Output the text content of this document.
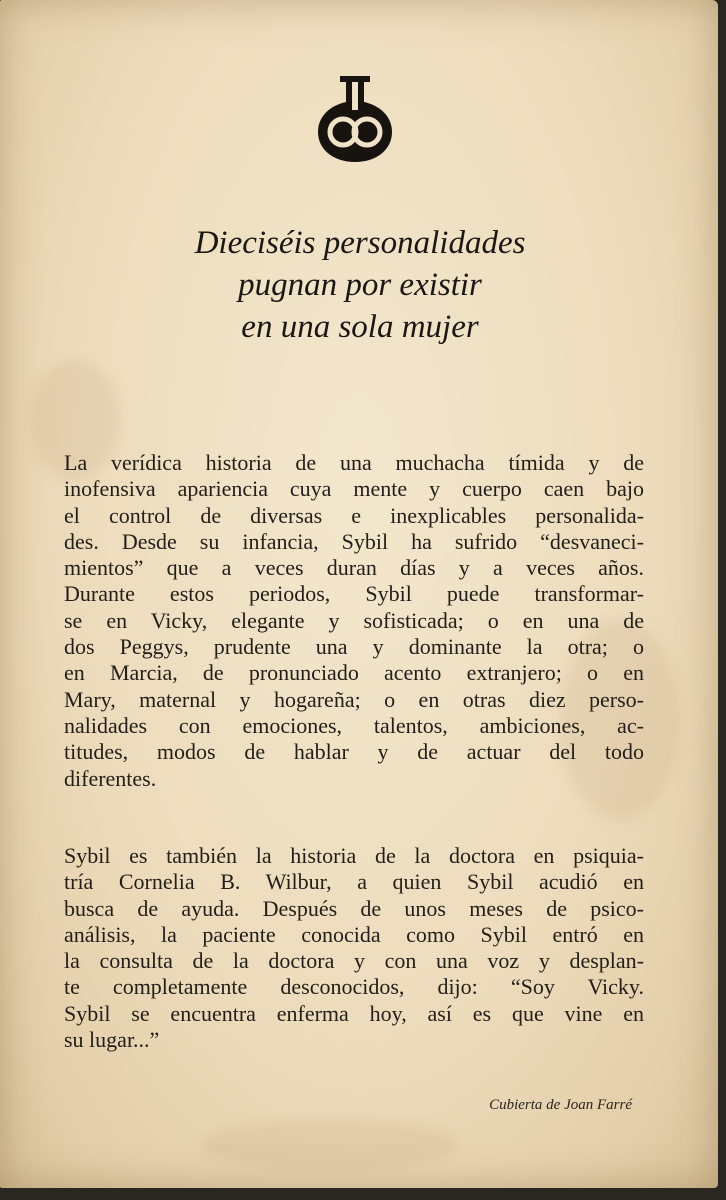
Dieciséis personalidades
pugnan por existir
en una sola mujer
La verídica historia de una muchacha tímida y de
inofensiva apariencia cuya mente y cuerpo caen bajo
el control de diversas e inexplicables personalida-
des. Desde su infancia, Sybil ha sufrido “desvaneci-
mientos” que a veces duran días y a veces años.
Durante estos periodos, Sybil puede transformar-
se en Vicky, elegante y sofisticada; o en una de
dos Peggys, prudente una y dominante la otra; o
en Marcia, de pronunciado acento extranjero; o en
Mary, maternal y hogareña; o en otras diez perso-
nalidades con emociones, talentos, ambiciones, ac-
titudes, modos de hablar y de actuar del todo
diferentes.
Sybil es también la historia de la doctora en psiquia-
tría Cornelia B. Wilbur, a quien Sybil acudió en
busca de ayuda. Después de unos meses de psico-
análisis, la paciente conocida como Sybil entró en
la consulta de la doctora y con una voz y desplan-
te completamente desconocidos, dijo: “Soy Vicky.
Sybil se encuentra enferma hoy, así es que vine en
su lugar...”
Cubierta de Joan Farré
